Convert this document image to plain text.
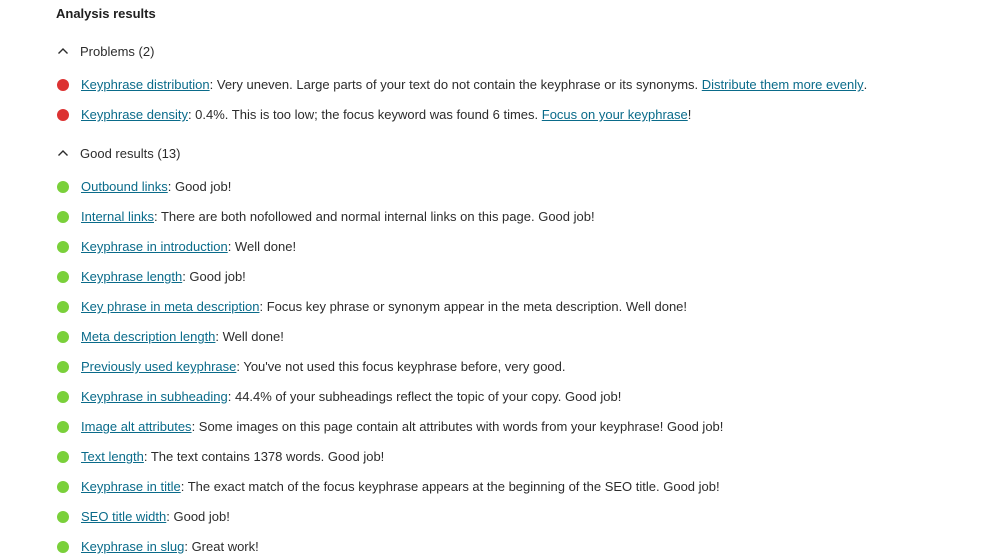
Analysis results
Problems (2)
Keyphrase distribution : Very uneven. Large parts of your text do not contain the keyphrase or its synonyms. Distribute them more evenly .
Keyphrase density : 0.4%. This is too low; the focus keyword was found 6 times. Focus on your keyphrase !
Good results (13)
Outbound links : Good job!
Internal links : There are both nofollowed and normal internal links on this page. Good job!
Keyphrase in introduction : Well done!
Keyphrase length : Good job!
Key phrase in meta description : Focus key phrase or synonym appear in the meta description. Well done!
Meta description length : Well done!
Previously used keyphrase : You've not used this focus keyphrase before, very good.
Keyphrase in subheading : 44.4% of your subheadings reflect the topic of your copy. Good job!
Image alt attributes : Some images on this page contain alt attributes with words from your keyphrase! Good job!
Text length : The text contains 1378 words. Good job!
Keyphrase in title : The exact match of the focus keyphrase appears at the beginning of the SEO title. Good job!
SEO title width : Good job!
Keyphrase in slug : Great work!
